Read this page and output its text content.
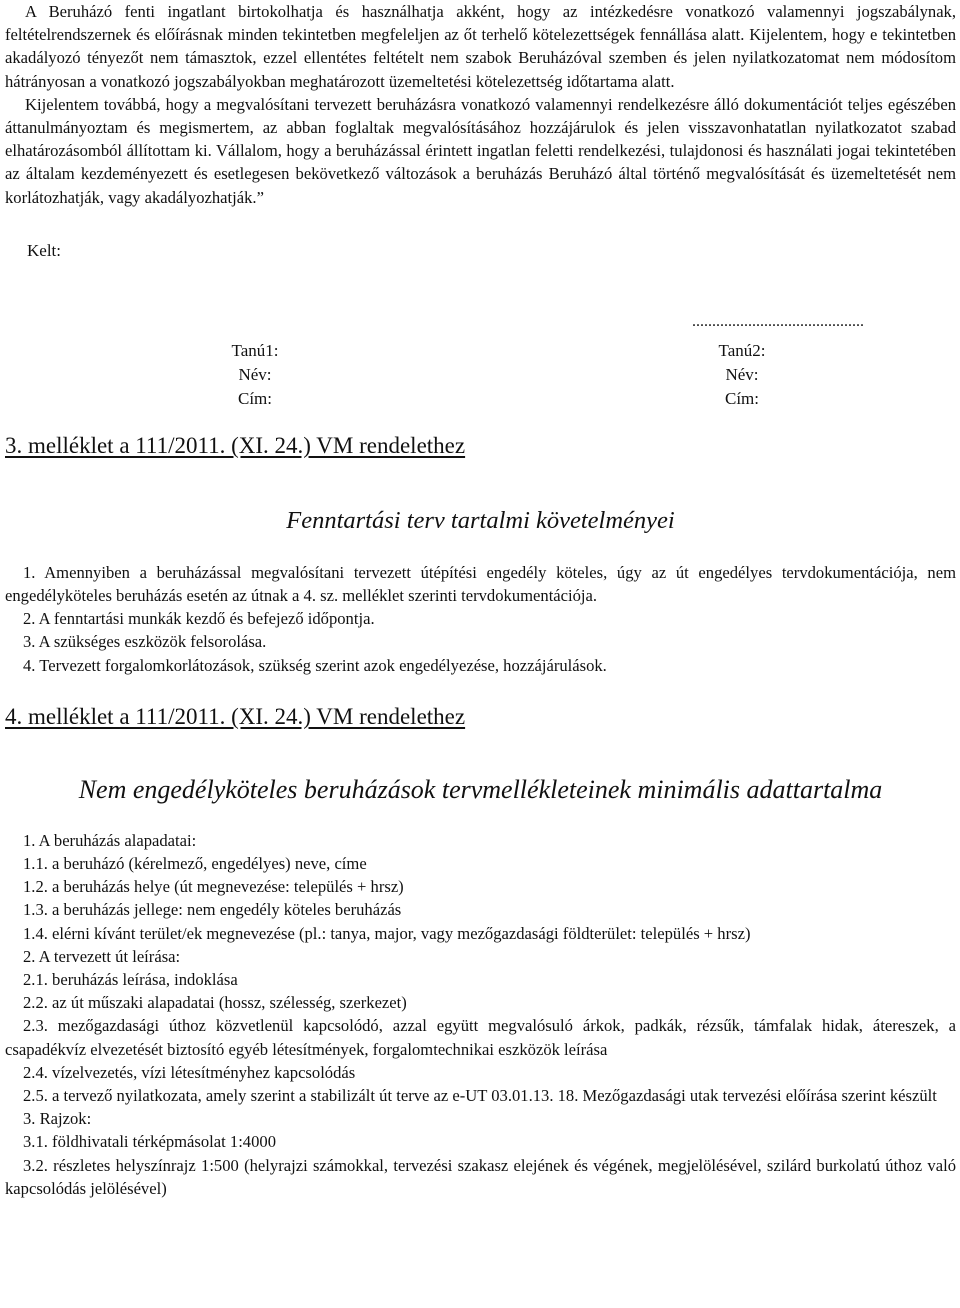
A Beruházó fenti ingatlant birtokolhatja és használhatja akként, hogy az intézkedésre vonatkozó valamennyi jogszabálynak, feltételrendszernek és előírásnak minden tekintetben megfeleljen az őt terhelő kötelezettségek fennállása alatt. Kijelentem, hogy e tekintetben akadályozó tényezőt nem támasztok, ezzel ellentétes feltételt nem szabok Beruházóval szemben és jelen nyilatkozatomat nem módosítom hátrányosan a vonatkozó jogszabályokban meghatározott üzemeltetési kötelezettség időtartama alatt.

Kijelentem továbbá, hogy a megvalósítani tervezett beruházásra vonatkozó valamennyi rendelkezésre álló dokumentációt teljes egészében áttanulmányoztam és megismertem, az abban foglaltak megvalósításához hozzájárulok és jelen visszavonhatatlan nyilatkozatot szabad elhatározásomból állítottam ki. Vállalom, hogy a beruházással érintett ingatlan feletti rendelkezési, tulajdonosi és használati jogai tekintetében az általam kezdeményezett és esetlegesen bekövetkező változások a beruházás Beruházó által történő megvalósítását és üzemeltetését nem korlátozhatják, vagy akadályozhatják.”

Kelt:

...........................................

Tanú1:
Név:
Cím:
Tanú2:
Név:
Cím:
3. melléklet a 111/2011. (XI. 24.) VM rendelethez
Fenntartási terv tartalmi követelményei

1. Amennyiben a beruházással megvalósítani tervezett útépítési engedély köteles, úgy az út engedélyes tervdokumentációja, nem engedélyköteles beruházás esetén az útnak a 4. sz. melléklet szerinti tervdokumentációja.

2. A fenntartási munkák kezdő és befejező időpontja.

3. A szükséges eszközök felsorolása.

4. Tervezett forgalomkorlátozások, szükség szerint azok engedélyezése, hozzájárulások.

4. melléklet a 111/2011. (XI. 24.) VM rendelethez
Nem engedélyköteles beruházások tervmellékleteinek minimális adattartalma

1. A beruházás alapadatai:

1.1. a beruházó (kérelmező, engedélyes) neve, címe

1.2. a beruházás helye (út megnevezése: település + hrsz)

1.3. a beruházás jellege: nem engedély köteles beruházás

1.4. elérni kívánt terület/ek megnevezése (pl.: tanya, major, vagy mezőgazdasági földterület: település + hrsz)

2. A tervezett út leírása:

2.1. beruházás leírása, indoklása

2.2. az út műszaki alapadatai (hossz, szélesség, szerkezet)

2.3. mezőgazdasági úthoz közvetlenül kapcsolódó, azzal együtt megvalósuló árkok, padkák, rézsűk, támfalak hidak, átereszek, a csapadékvíz elvezetését biztosító egyéb létesítmények, forgalomtechnikai eszközök leírása

2.4. vízelvezetés, vízi létesítményhez kapcsolódás

2.5. a tervező nyilatkozata, amely szerint a stabilizált út terve az e-UT 03.01.13. 18. Mezőgazdasági utak tervezési előírása szerint készült

3. Rajzok:

3.1. földhivatali térképmásolat 1:4000

3.2. részletes helyszínrajz 1:500 (helyrajzi számokkal, tervezési szakasz elejének és végének, megjelölésével, szilárd burkolatú úthoz való kapcsolódás jelölésével)
